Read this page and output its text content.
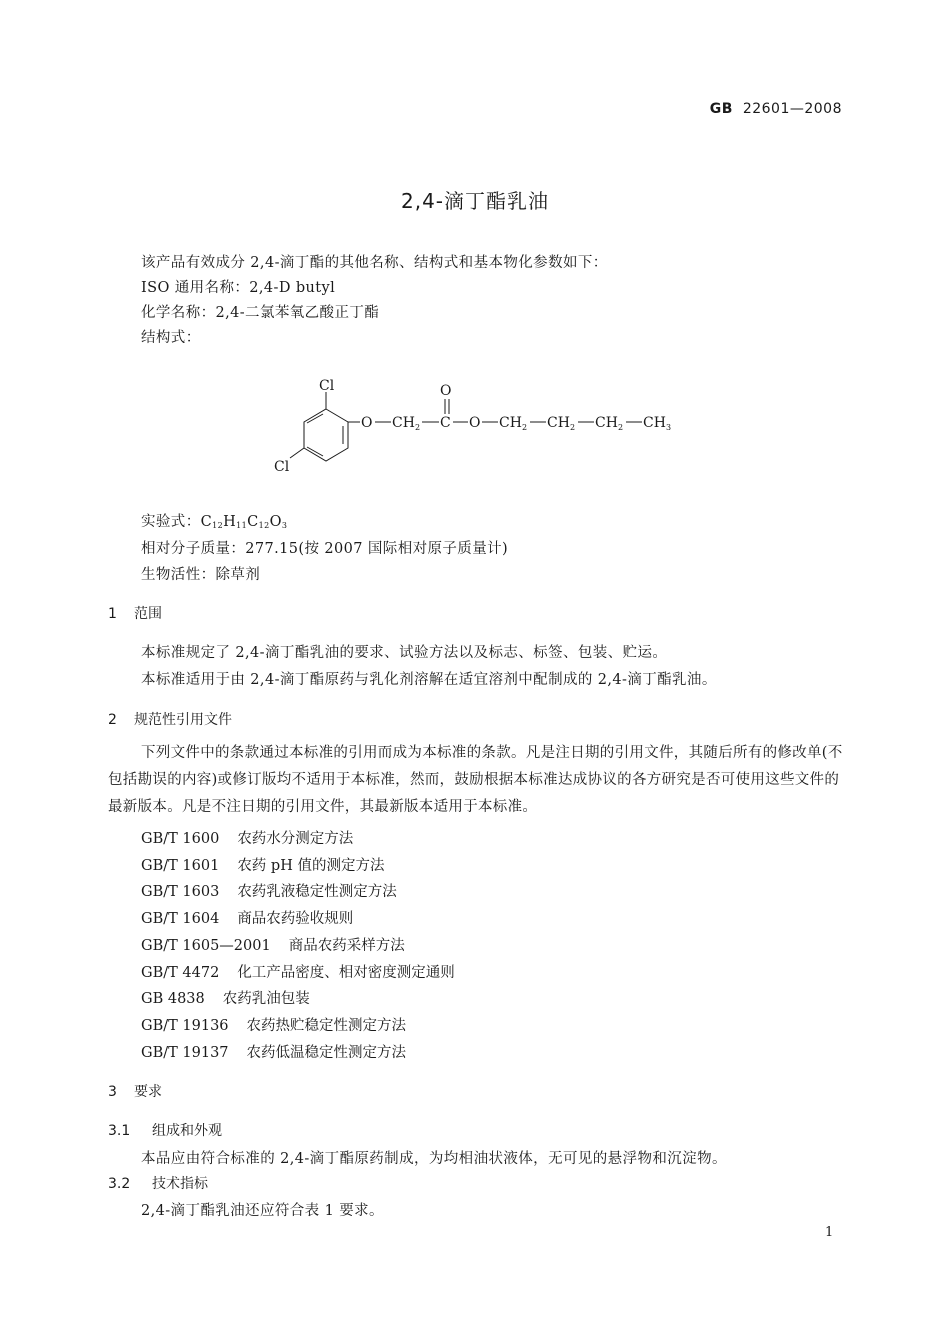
GB 22601—2008
2,4-滴丁酯乳油
该产品有效成分 2,4-滴丁酯的其他名称、结构式和基本物化参数如下：
ISO 通用名称：2,4-D butyl
化学名称：2,4-二氯苯氧乙酸正丁酯
结构式：
Cl
Cl
O
O CH 2 C O CH 2 CH 2 CH 2 CH 3
实验式：$C_{12}H_{11}C_{12}O_3$
相对分子质量：277.15(按 2007 国际相对原子质量计)
生物活性：除草剂
1 范围
本标准规定了 2,4-滴丁酯乳油的要求、试验方法以及标志、标签、包装、贮运。
本标准适用于由 2,4-滴丁酯原药与乳化剂溶解在适宜溶剂中配制成的 2,4-滴丁酯乳油。
2 规范性引用文件
下列文件中的条款通过本标准的引用而成为本标准的条款。凡是注日期的引用文件，其随后所有的修改单(不包括勘误的内容)或修订版均不适用于本标准，然而，鼓励根据本标准达成协议的各方研究是否可使用这些文件的最新版本。凡是不注日期的引用文件，其最新版本适用于本标准。
GB/T 1600 农药水分测定方法
GB/T 1601 农药 pH 值的测定方法
GB/T 1603 农药乳液稳定性测定方法
GB/T 1604 商品农药验收规则
GB/T 1605—2001 商品农药采样方法
GB/T 4472 化工产品密度、相对密度测定通则
GB 4838 农药乳油包装
GB/T 19136 农药热贮稳定性测定方法
GB/T 19137 农药低温稳定性测定方法
3 要求
3.1 组成和外观
本品应由符合标准的 2,4-滴丁酯原药制成，为均相油状液体，无可见的悬浮物和沉淀物。
3.2 技术指标
2,4-滴丁酯乳油还应符合表 1 要求。
1
